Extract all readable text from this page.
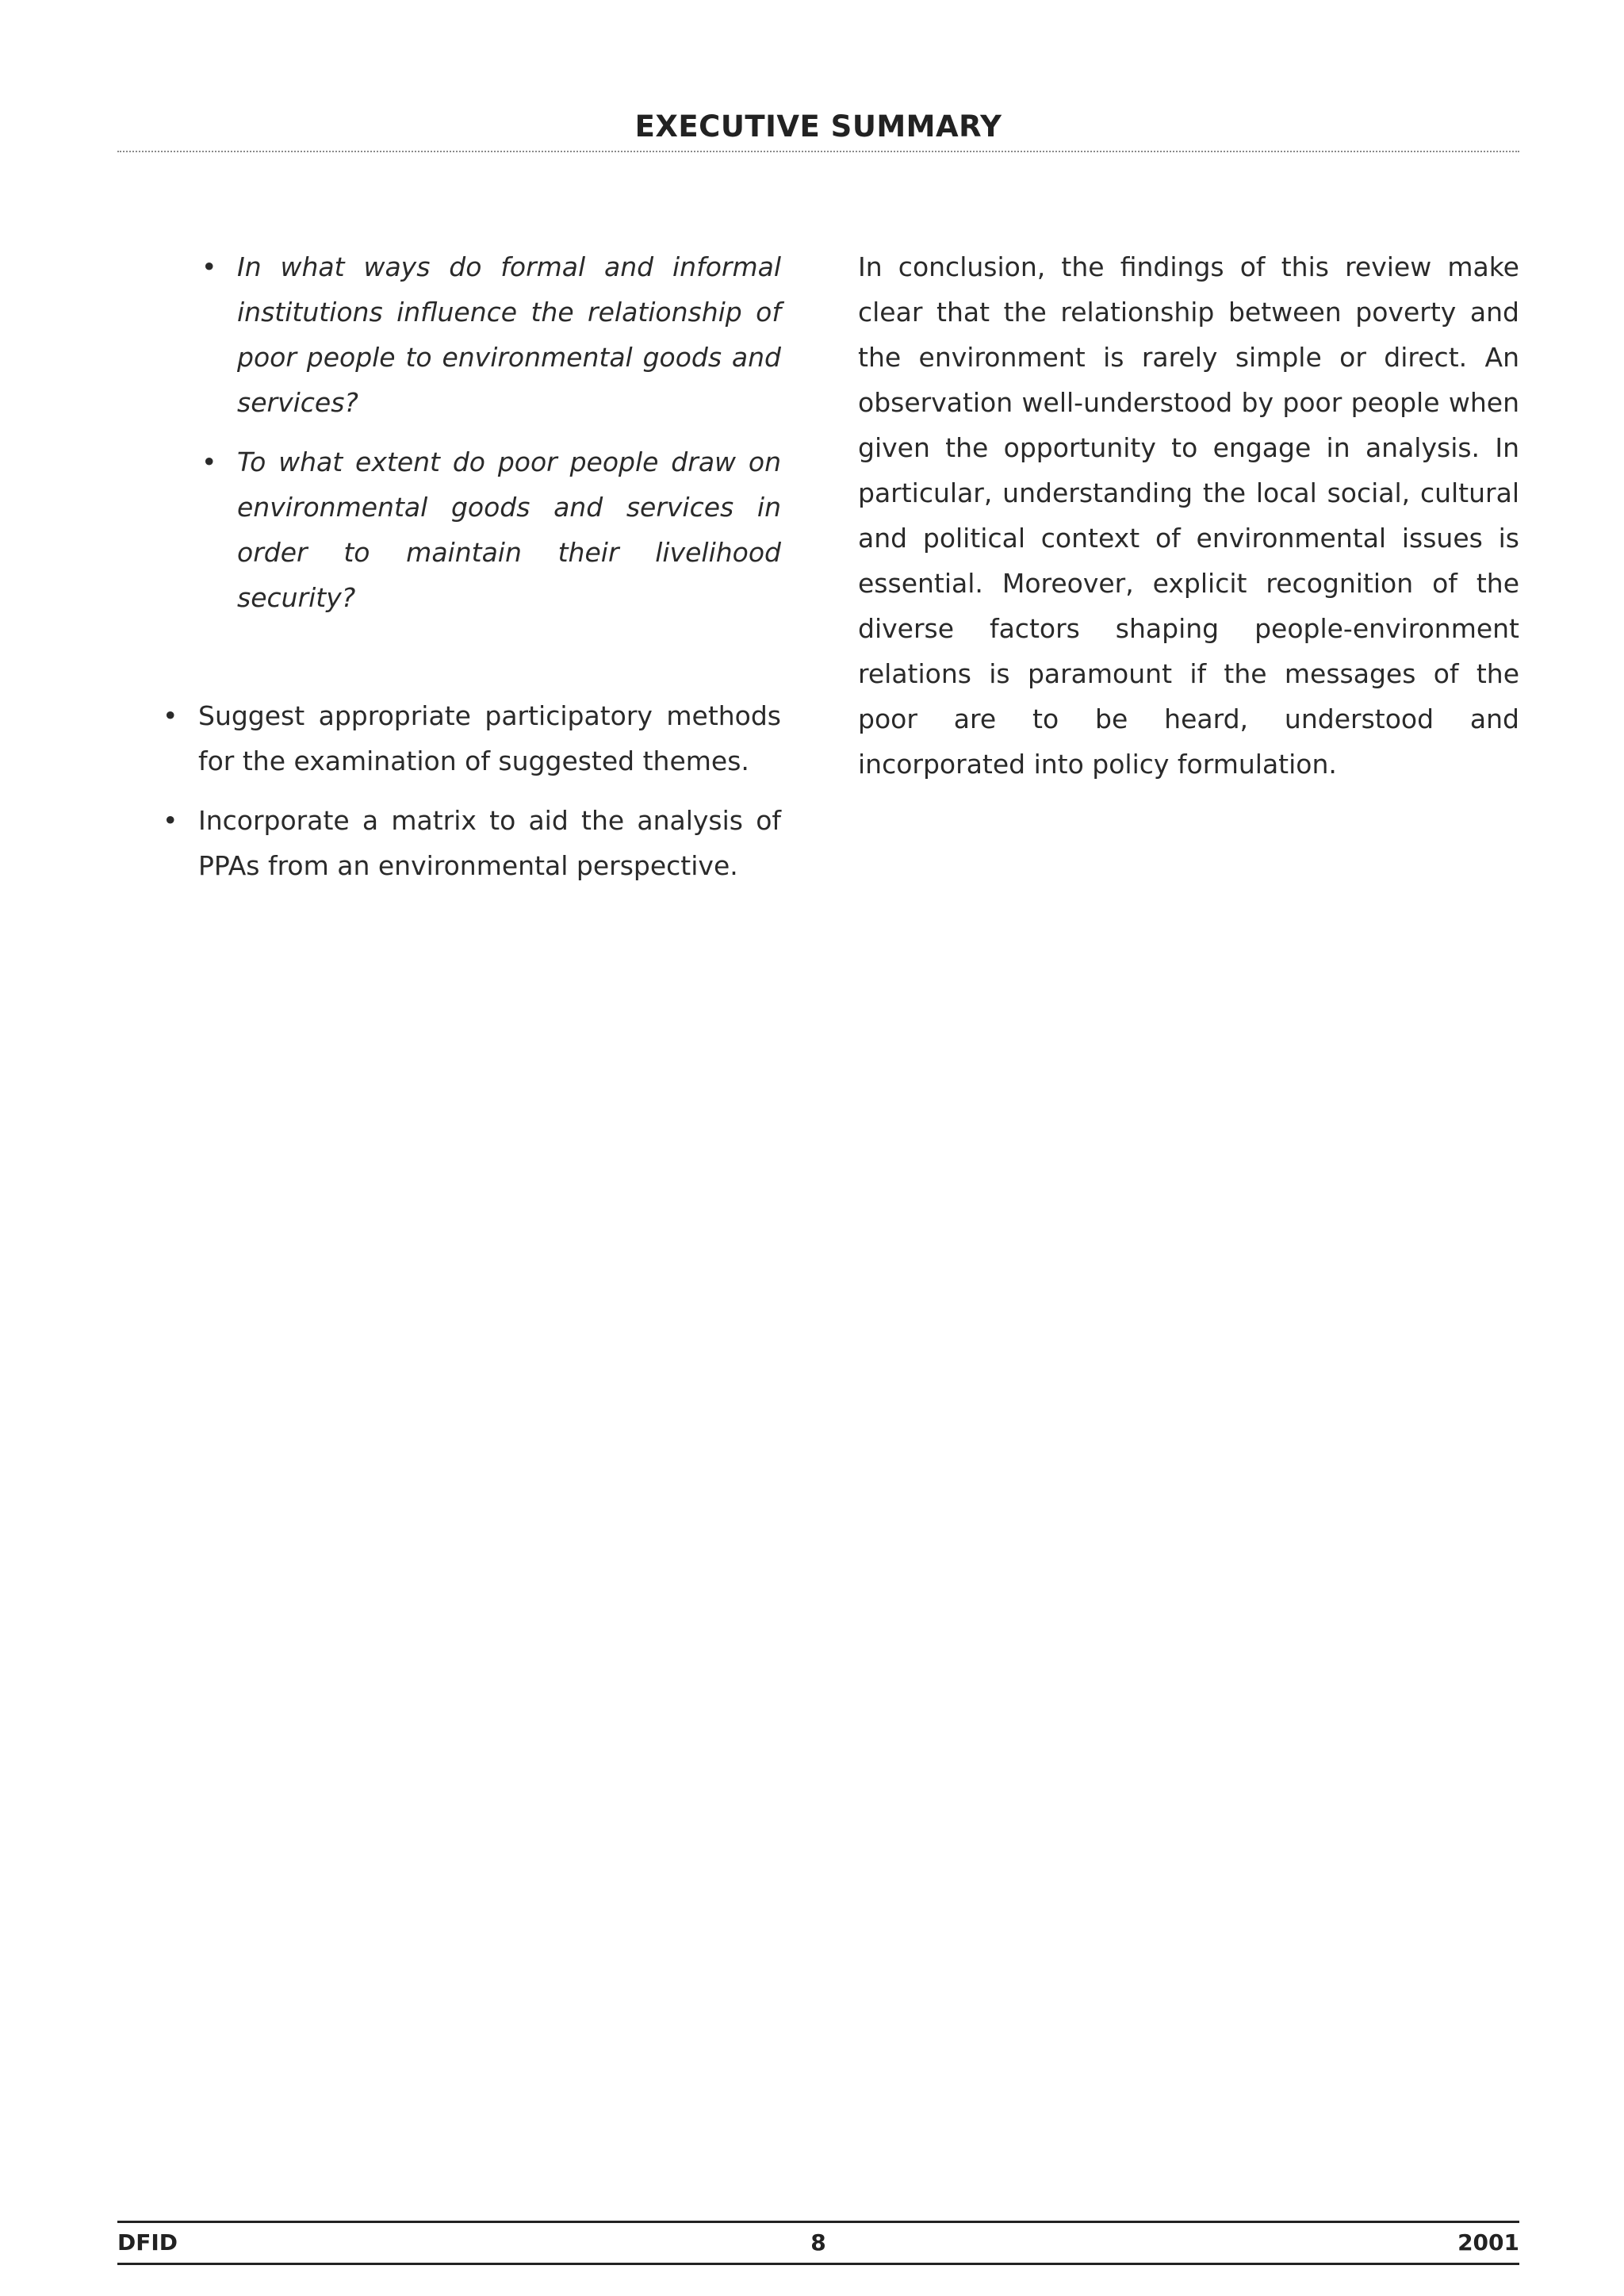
EXECUTIVE SUMMARY
• In what ways do formal and informal institutions influence the relationship of poor people to environmental goods and services?
• To what extent do poor people draw on environmental goods and services in order to maintain their livelihood security?
• Suggest appropriate participatory methods for the examination of suggested themes.
• Incorporate a matrix to aid the analysis of PPAs from an environmental perspective.

In conclusion, the findings of this review make clear that the relationship between poverty and the environment is rarely simple or direct. An observation well-understood by poor people when given the opportunity to engage in analysis. In particular, understanding the local social, cultural and political context of environmental issues is essential. Moreover, explicit recognition of the diverse factors shaping people-environment relations is paramount if the messages of the poor are to be heard, understood and incorporated into policy formulation.

DFID	8	2001
